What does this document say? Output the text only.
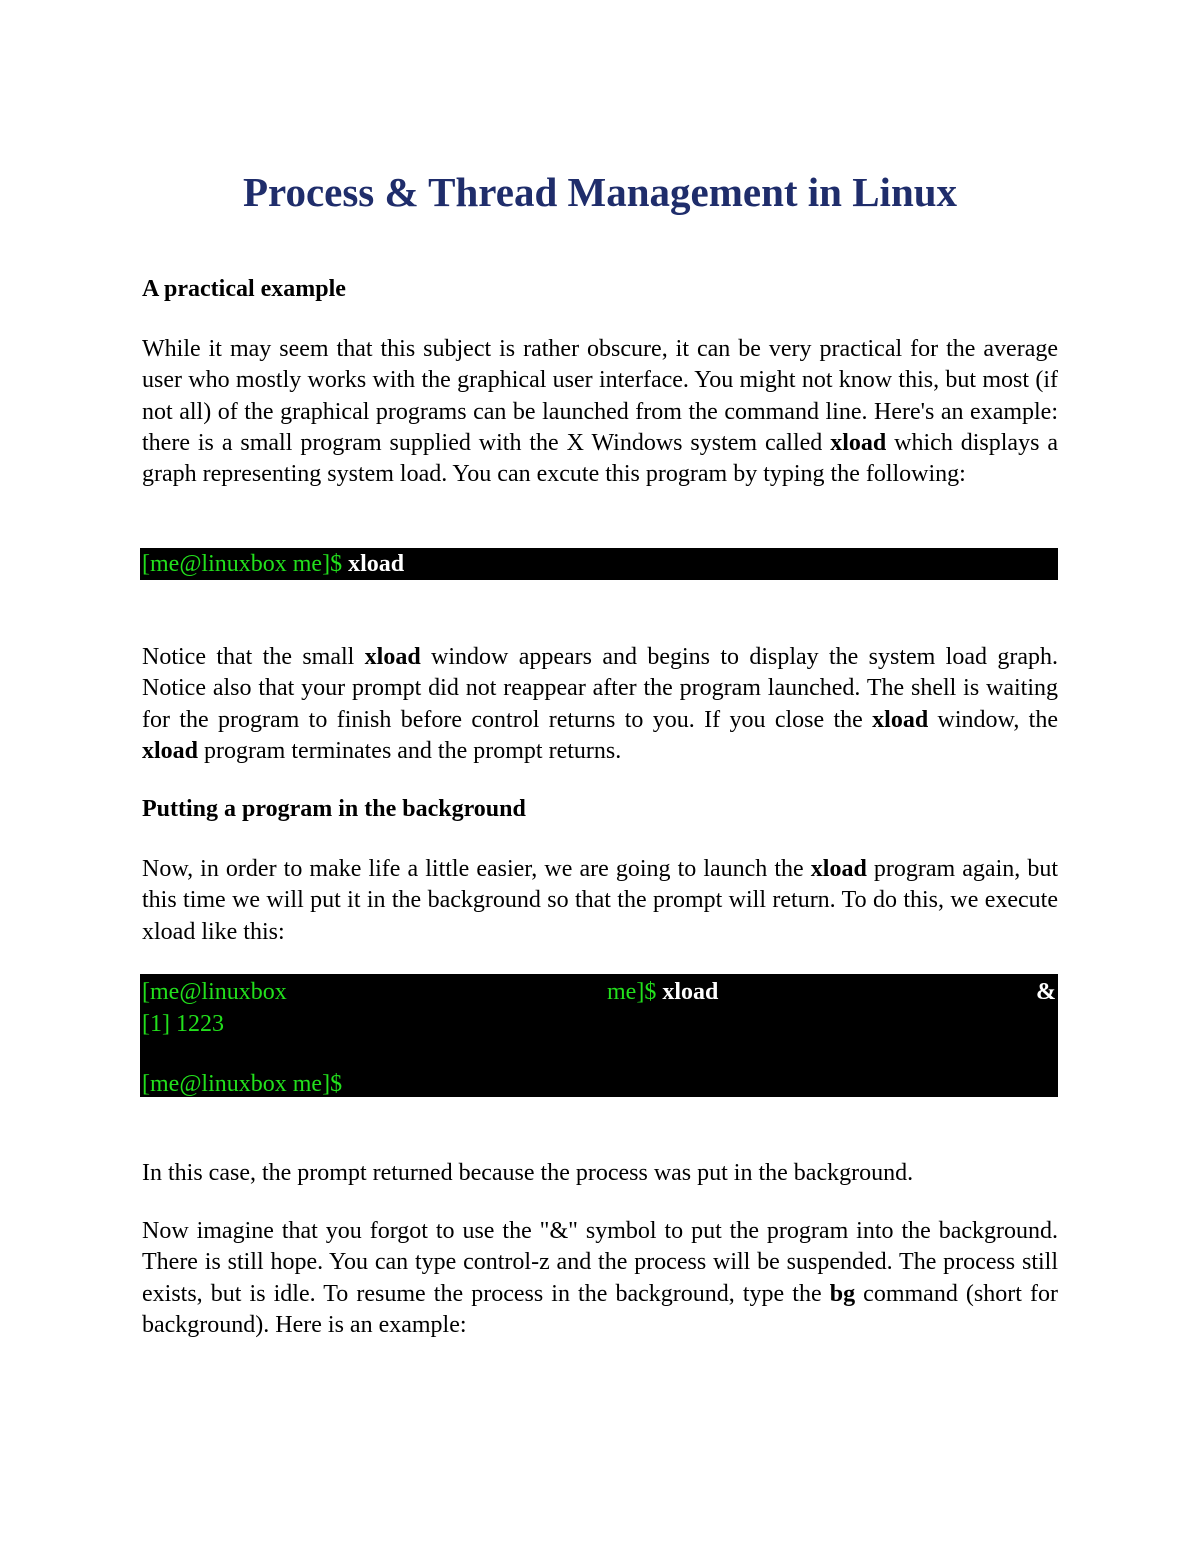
Process & Thread Management in Linux
A practical example
While it may seem that this subject is rather obscure, it can be very practical for the average user who mostly works with the graphical user interface. You might not know this, but most (if not all) of the graphical programs can be launched from the command line. Here's an example: there is a small program supplied with the X Windows system called xload which displays a graph representing system load. You can excute this program by typing the following:
[me@linuxbox me]$ xload
Notice that the small xload window appears and begins to display the system load graph. Notice also that your prompt did not reappear after the program launched. The shell is waiting for the program to finish before control returns to you. If you close the xload window, the xload program terminates and the prompt returns.
Putting a program in the background
Now, in order to make life a little easier, we are going to launch the xload program again, but this time we will put it in the background so that the prompt will return. To do this, we execute xload like this:
[me@linuxbox	me]$ xload	&
[1] 1223
[me@linuxbox me]$
In this case, the prompt returned because the process was put in the background.
Now imagine that you forgot to use the "&" symbol to put the program into the background. There is still hope. You can type control-z and the process will be suspended. The process still exists, but is idle. To resume the process in the background, type the bg command (short for background). Here is an example:
